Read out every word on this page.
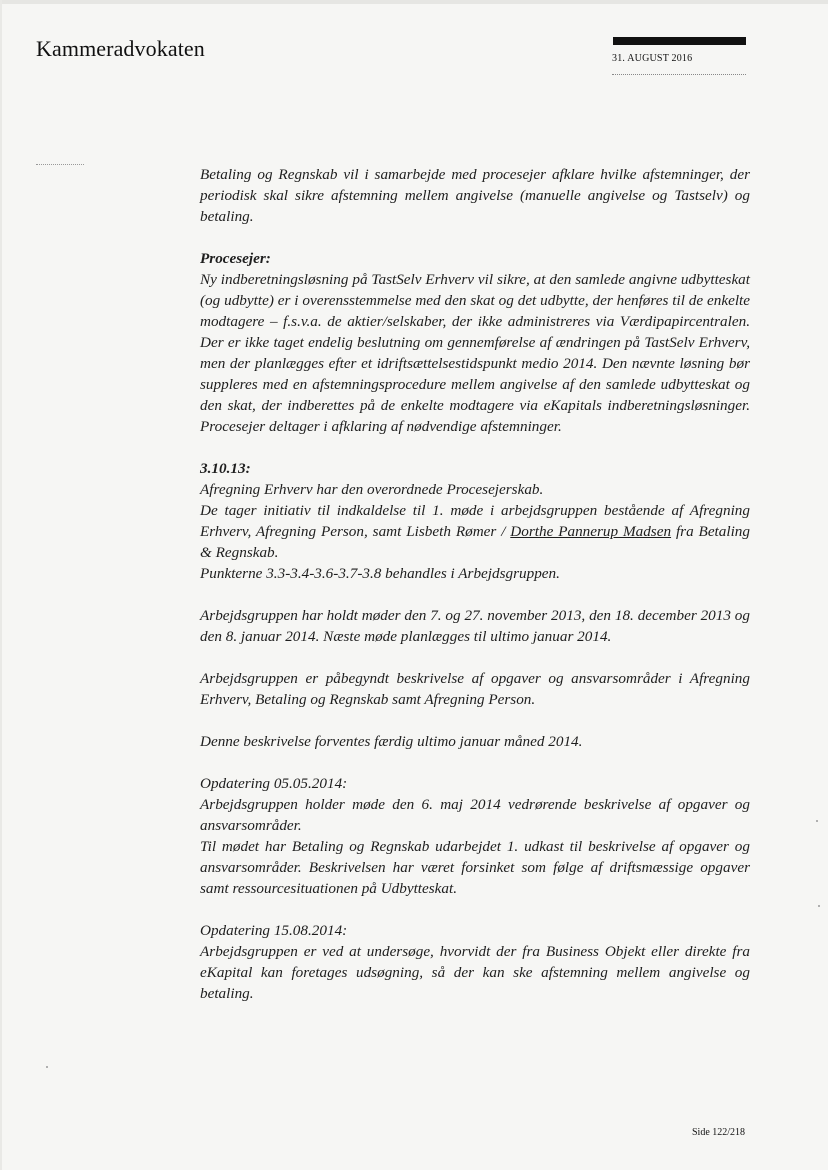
Kammeradvokaten	31. AUGUST 2016

Betaling og Regnskab vil i samarbejde med procesejer afklare hvilke afstemninger, der periodisk skal sikre afstemning mellem angivelse (manuelle angivelse og Tastselv) og betaling.

Procesejer:

Ny indberetningsløsning på TastSelv Erhverv vil sikre, at den samlede angivne udbytteskat (og udbytte) er i overensstemmelse med den skat og det udbytte, der henføres til de enkelte modtagere – f.s.v.a. de aktier/selskaber, der ikke administreres via Værdipapircentralen. Der er ikke taget endelig beslutning om gennemførelse af ændringen på TastSelv Erhverv, men der planlægges efter et idriftsættelsestidspunkt medio 2014. Den nævnte løsning bør suppleres med en afstemningsprocedure mellem angivelse af den samlede udbytteskat og den skat, der indberettes på de enkelte modtagere via eKapitals indberetningsløsninger. Procesejer deltager i afklaring af nødvendige afstemninger.

3.10.13:

Afregning Erhverv har den overordnede Procesejerskab.

De tager initiativ til indkaldelse til 1. møde i arbejdsgruppen bestående af Afregning Erhverv, Afregning Person, samt Lisbeth Rømer / Dorthe Pannerup Madsen fra Betaling & Regnskab.

Punkterne 3.3-3.4-3.6-3.7-3.8 behandles i Arbejdsgruppen.

Arbejdsgruppen har holdt møder den 7. og 27. november 2013, den 18. december 2013 og den 8. januar 2014. Næste møde planlægges til ultimo januar 2014.

Arbejdsgruppen er påbegyndt beskrivelse af opgaver og ansvarsområder i Afregning Erhverv, Betaling og Regnskab samt Afregning Person.

Denne beskrivelse forventes færdig ultimo januar måned 2014.

Opdatering 05.05.2014:

Arbejdsgruppen holder møde den 6. maj 2014 vedrørende beskrivelse af opgaver og ansvarsområder.

Til mødet har Betaling og Regnskab udarbejdet 1. udkast til beskrivelse af opgaver og ansvarsområder. Beskrivelsen har været forsinket som følge af driftsmæssige opgaver samt ressourcesituationen på Udbytteskat.

Opdatering 15.08.2014:

Arbejdsgruppen er ved at undersøge, hvorvidt der fra Business Objekt eller direkte fra eKapital kan foretages udsøgning, så der kan ske afstemning mellem angivelse og betaling.

Side 122/218
